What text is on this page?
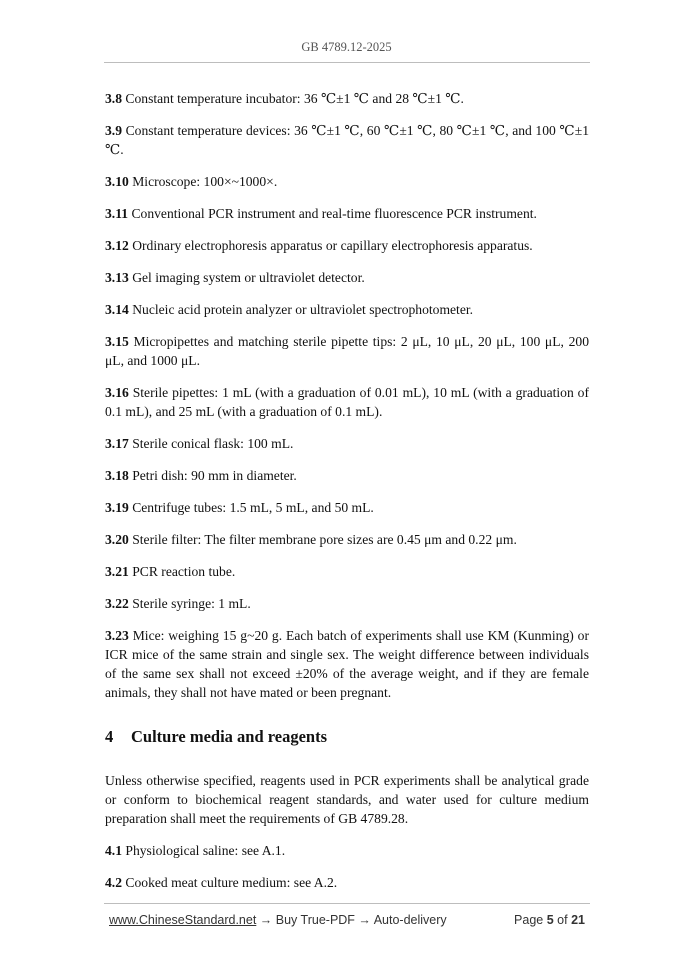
GB 4789.12-2025

3.8 Constant temperature incubator: 36 ℃±1 ℃ and 28 ℃±1 ℃.

3.9 Constant temperature devices: 36 ℃±1 ℃, 60 ℃±1 ℃, 80 ℃±1 ℃, and 100 ℃±1 ℃.

3.10 Microscope: 100×~1000×.

3.11 Conventional PCR instrument and real-time fluorescence PCR instrument.

3.12 Ordinary electrophoresis apparatus or capillary electrophoresis apparatus.

3.13 Gel imaging system or ultraviolet detector.

3.14 Nucleic acid protein analyzer or ultraviolet spectrophotometer.

3.15 Micropipettes and matching sterile pipette tips: 2 μL, 10 μL, 20 μL, 100 μL, 200 μL, and 1000 μL.

3.16 Sterile pipettes: 1 mL (with a graduation of 0.01 mL), 10 mL (with a graduation of 0.1 mL), and 25 mL (with a graduation of 0.1 mL).

3.17 Sterile conical flask: 100 mL.

3.18 Petri dish: 90 mm in diameter.

3.19 Centrifuge tubes: 1.5 mL, 5 mL, and 50 mL.

3.20 Sterile filter: The filter membrane pore sizes are 0.45 μm and 0.22 μm.

3.21 PCR reaction tube.

3.22 Sterile syringe: 1 mL.

3.23 Mice: weighing 15 g~20 g. Each batch of experiments shall use KM (Kunming) or ICR mice of the same strain and single sex. The weight difference between individuals of the same sex shall not exceed ±20% of the average weight, and if they are female animals, they shall not have mated or been pregnant.

4 Culture media and reagents

Unless otherwise specified, reagents used in PCR experiments shall be analytical grade or conform to biochemical reagent standards, and water used for culture medium preparation shall meet the requirements of GB 4789.28.

4.1 Physiological saline: see A.1.

4.2 Cooked meat culture medium: see A.2.

www.ChineseStandard.net → Buy True-PDF → Auto-delivery	Page 5 of 21
